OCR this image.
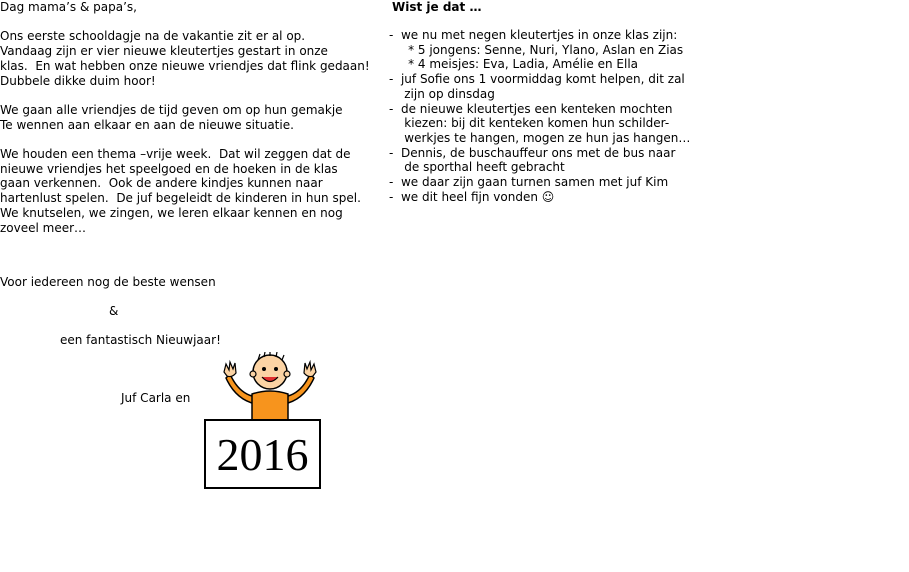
Dag mama’s & papa’s,
Ons eerste schooldagje na de vakantie zit er al op.
Vandaag zijn er vier nieuwe kleutertjes gestart in onze
klas.  En wat hebben onze nieuwe vriendjes dat flink gedaan!
Dubbele dikke duim hoor!
We gaan alle vriendjes de tijd geven om op hun gemakje
Te wennen aan elkaar en aan de nieuwe situatie.
We houden een thema –vrije week.  Dat wil zeggen dat de
nieuwe vriendjes het speelgoed en de hoeken in de klas
gaan verkennen.  Ook de andere kindjes kunnen naar
hartenlust spelen.  De juf begeleidt de kinderen in hun spel.
We knutselen, we zingen, we leren elkaar kennen en nog
zoveel meer…
Wist je dat …
-  we nu met negen kleutertjes in onze klas zijn:
* 5 jongens: Senne, Nuri, Ylano, Aslan en Zias
* 4 meisjes: Eva, Ladia, Amélie en Ella
-  juf Sofie ons 1 voormiddag komt helpen, dit zal
zijn op dinsdag
-  de nieuwe kleutertjes een kenteken mochten
kiezen: bij dit kenteken komen hun schilder-
werkjes te hangen, mogen ze hun jas hangen…
-  Dennis, de buschauffeur ons met de bus naar
de sporthal heeft gebracht
-  we daar zijn gaan turnen samen met juf Kim
-  we dit heel fijn vonden ☺
Voor iedereen nog de beste wensen
&
een fantastisch Nieuwjaar!
Juf Carla en
2016
